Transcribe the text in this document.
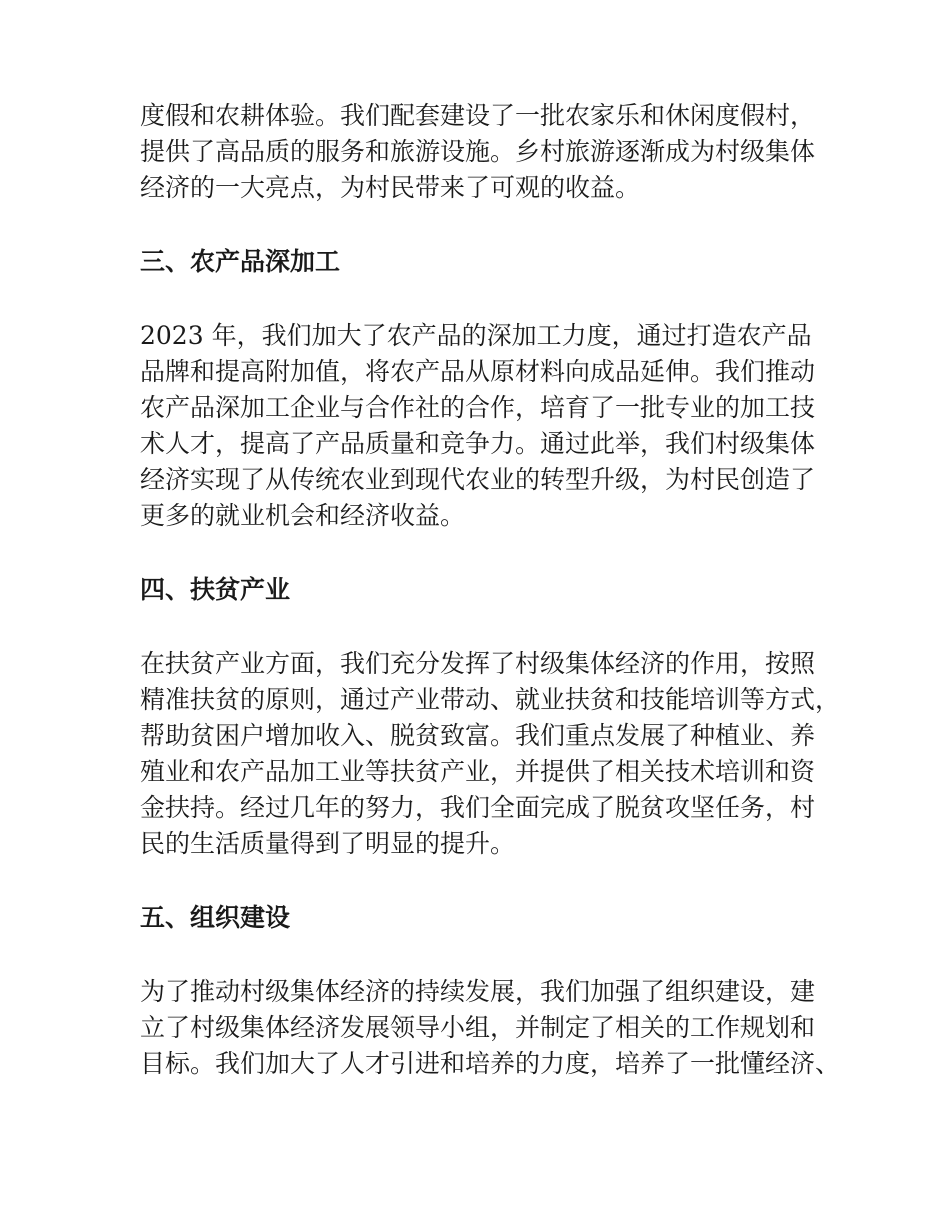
度假和农耕体验。我们配套建设了一批农家乐和休闲度假村，
提供了高品质的服务和旅游设施。乡村旅游逐渐成为村级集体
经济的一大亮点，为村民带来了可观的收益。

三、农产品深加工

2023 年，我们加大了农产品的深加工力度，通过打造农产品
品牌和提高附加值，将农产品从原材料向成品延伸。我们推动
农产品深加工企业与合作社的合作，培育了一批专业的加工技
术人才，提高了产品质量和竞争力。通过此举，我们村级集体
经济实现了从传统农业到现代农业的转型升级，为村民创造了
更多的就业机会和经济收益。

四、扶贫产业

在扶贫产业方面，我们充分发挥了村级集体经济的作用，按照
精准扶贫的原则，通过产业带动、就业扶贫和技能培训等方式，
帮助贫困户增加收入、脱贫致富。我们重点发展了种植业、养
殖业和农产品加工业等扶贫产业，并提供了相关技术培训和资
金扶持。经过几年的努力，我们全面完成了脱贫攻坚任务，村
民的生活质量得到了明显的提升。

五、组织建设

为了推动村级集体经济的持续发展，我们加强了组织建设，建
立了村级集体经济发展领导小组，并制定了相关的工作规划和
目标。我们加大了人才引进和培养的力度，培养了一批懂经济、
